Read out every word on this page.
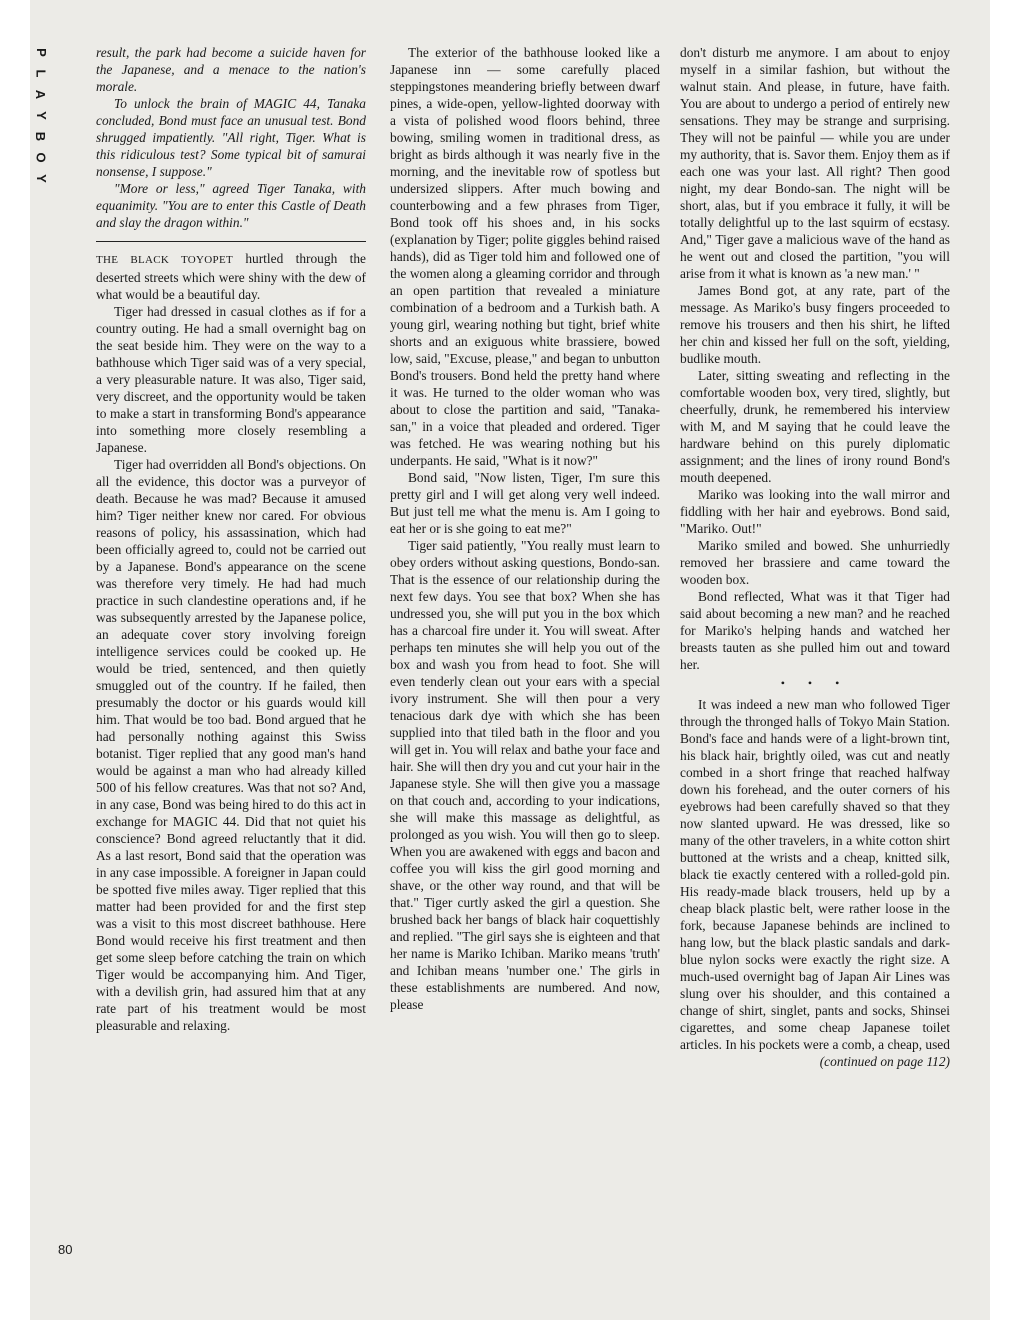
P
L
A
Y
B
O
Y
80

result, the park had become a suicide haven for the Japanese, and a menace to the nation's morale.

To unlock the brain of MAGIC 44, Tanaka concluded, Bond must face an unusual test. Bond shrugged impatiently. "All right, Tiger. What is this ridiculous test? Some typical bit of samurai nonsense, I suppose."

"More or less," agreed Tiger Tanaka, with equanimity. "You are to enter this Castle of Death and slay the dragon within."

THE BLACK TOYOPET hurtled through the deserted streets which were shiny with the dew of what would be a beautiful day.

Tiger had dressed in casual clothes as if for a country outing. He had a small overnight bag on the seat beside him. They were on the way to a bathhouse which Tiger said was of a very special, a very pleasurable nature. It was also, Tiger said, very discreet, and the opportunity would be taken to make a start in transforming Bond's appearance into something more closely resembling a Japanese.

Tiger had overridden all Bond's objections. On all the evidence, this doctor was a purveyor of death. Because he was mad? Because it amused him? Tiger neither knew nor cared. For obvious reasons of policy, his assassination, which had been officially agreed to, could not be carried out by a Japanese. Bond's appearance on the scene was therefore very timely. He had had much practice in such clandestine operations and, if he was subsequently arrested by the Japanese police, an adequate cover story involving foreign intelligence services could be cooked up. He would be tried, sentenced, and then quietly smuggled out of the country. If he failed, then presumably the doctor or his guards would kill him. That would be too bad. Bond argued that he had personally nothing against this Swiss botanist. Tiger replied that any good man's hand would be against a man who had already killed 500 of his fellow creatures. Was that not so? And, in any case, Bond was being hired to do this act in exchange for MAGIC 44. Did that not quiet his conscience? Bond agreed reluctantly that it did. As a last resort, Bond said that the operation was in any case impossible. A foreigner in Japan could be spotted five miles away. Tiger replied that this matter had been provided for and the first step was a visit to this most discreet bathhouse. Here Bond would receive his first treatment and then get some sleep before catching the train on which Tiger would be accompanying him. And Tiger, with a devilish grin, had assured him that at any rate part of his treatment would be most pleasurable and relaxing.

The exterior of the bathhouse looked like a Japanese inn — some carefully placed steppingstones meandering briefly between dwarf pines, a wide-open, yellow-lighted doorway with a vista of polished wood floors behind, three bowing, smiling women in traditional dress, as bright as birds although it was nearly five in the morning, and the inevitable row of spotless but undersized slippers. After much bowing and counterbowing and a few phrases from Tiger, Bond took off his shoes and, in his socks (explanation by Tiger; polite giggles behind raised hands), did as Tiger told him and followed one of the women along a gleaming corridor and through an open partition that revealed a miniature combination of a bedroom and a Turkish bath. A young girl, wearing nothing but tight, brief white shorts and an exiguous white brassiere, bowed low, said, "Excuse, please," and began to unbutton Bond's trousers. Bond held the pretty hand where it was. He turned to the older woman who was about to close the partition and said, "Tanaka-san," in a voice that pleaded and ordered. Tiger was fetched. He was wearing nothing but his underpants. He said, "What is it now?"

Bond said, "Now listen, Tiger, I'm sure this pretty girl and I will get along very well indeed. But just tell me what the menu is. Am I going to eat her or is she going to eat me?"

Tiger said patiently, "You really must learn to obey orders without asking questions, Bondo-san. That is the essence of our relationship during the next few days. You see that box? When she has undressed you, she will put you in the box which has a charcoal fire under it. You will sweat. After perhaps ten minutes she will help you out of the box and wash you from head to foot. She will even tenderly clean out your ears with a special ivory instrument. She will then pour a very tenacious dark dye with which she has been supplied into that tiled bath in the floor and you will get in. You will relax and bathe your face and hair. She will then dry you and cut your hair in the Japanese style. She will then give you a massage on that couch and, according to your indications, she will make this massage as delightful, as prolonged as you wish. You will then go to sleep. When you are awakened with eggs and bacon and coffee you will kiss the girl good morning and shave, or the other way round, and that will be that." Tiger curtly asked the girl a question. She brushed back her bangs of black hair coquettishly and replied. "The girl says she is eighteen and that her name is Mariko Ichiban. Mariko means 'truth' and Ichiban means 'number one.' The girls in these establishments are numbered. And now, please

don't disturb me anymore. I am about to enjoy myself in a similar fashion, but without the walnut stain. And please, in future, have faith. You are about to undergo a period of entirely new sensations. They may be strange and surprising. They will not be painful — while you are under my authority, that is. Savor them. Enjoy them as if each one was your last. All right? Then good night, my dear Bondo-san. The night will be short, alas, but if you embrace it fully, it will be totally delightful up to the last squirm of ecstasy. And," Tiger gave a malicious wave of the hand as he went out and closed the partition, "you will arise from it what is known as 'a new man.' "

James Bond got, at any rate, part of the message. As Mariko's busy fingers proceeded to remove his trousers and then his shirt, he lifted her chin and kissed her full on the soft, yielding, budlike mouth.

Later, sitting sweating and reflecting in the comfortable wooden box, very tired, slightly, but cheerfully, drunk, he remembered his interview with M, and M saying that he could leave the hardware behind on this purely diplomatic assignment; and the lines of irony round Bond's mouth deepened.

Mariko was looking into the wall mirror and fiddling with her hair and eyebrows. Bond said, "Mariko. Out!"

Mariko smiled and bowed. She unhurriedly removed her brassiere and came toward the wooden box.

Bond reflected, What was it that Tiger had said about becoming a new man? and he reached for Mariko's helping hands and watched her breasts tauten as she pulled him out and toward her.

• • •

It was indeed a new man who followed Tiger through the thronged halls of Tokyo Main Station. Bond's face and hands were of a light-brown tint, his black hair, brightly oiled, was cut and neatly combed in a short fringe that reached halfway down his forehead, and the outer corners of his eyebrows had been carefully shaved so that they now slanted upward. He was dressed, like so many of the other travelers, in a white cotton shirt buttoned at the wrists and a cheap, knitted silk, black tie exactly centered with a rolled-gold pin. His ready-made black trousers, held up by a cheap black plastic belt, were rather loose in the fork, because Japanese behinds are inclined to hang low, but the black plastic sandals and dark-blue nylon socks were exactly the right size. A much-used overnight bag of Japan Air Lines was slung over his shoulder, and this contained a change of shirt, singlet, pants and socks, Shinsei cigarettes, and some cheap Japanese toilet articles. In his pockets were a comb, a cheap, used

(continued on page 112)
